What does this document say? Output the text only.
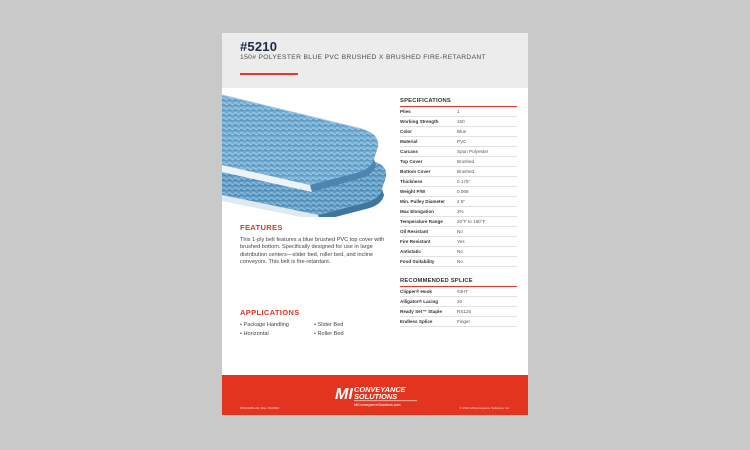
#5210
150# POLYESTER BLUE PVC BRUSHED X BRUSHED FIRE-RETARDANT
FEATURES
This 1-ply belt features a blue brushed PVC top cover with brushed bottom. Specifically designed for use in large distribution centers—slider bed, roller bed, and incline conveyors. This belt is fire-retardant.
APPLICATIONS
• Package Handling	• Slider Bed
• Horizontal	• Roller Bed
SPECIFICATIONS
Plies	1
Working Strength	150
Color	Blue
Material	PVC
Carcass	Spun Polyester
Top Cover	Brushed
Bottom Cover	Brushed
Thickness	0.175"
Weight P/W	0.068
Min. Pulley Diameter	2.5"
Max Elongation	2%
Temperature Range	20°F to 180°F
Oil Resistant	No
Fire Resistant	Yes
Antistatic	No
Food Suitability	No
RECOMMENDED SPLICE
Clipper® Hook	#3HT
Alligator® Lacing	20
Ready Set™ Staple	RS125
Endless Splice	Finger
MI CONVEYANCE
SOLUTIONS
MIConveyanceSolutions.com
PO5210BLUE | Rev. 01/2024	© 2024 MIConveyance Solutions, Inc.
